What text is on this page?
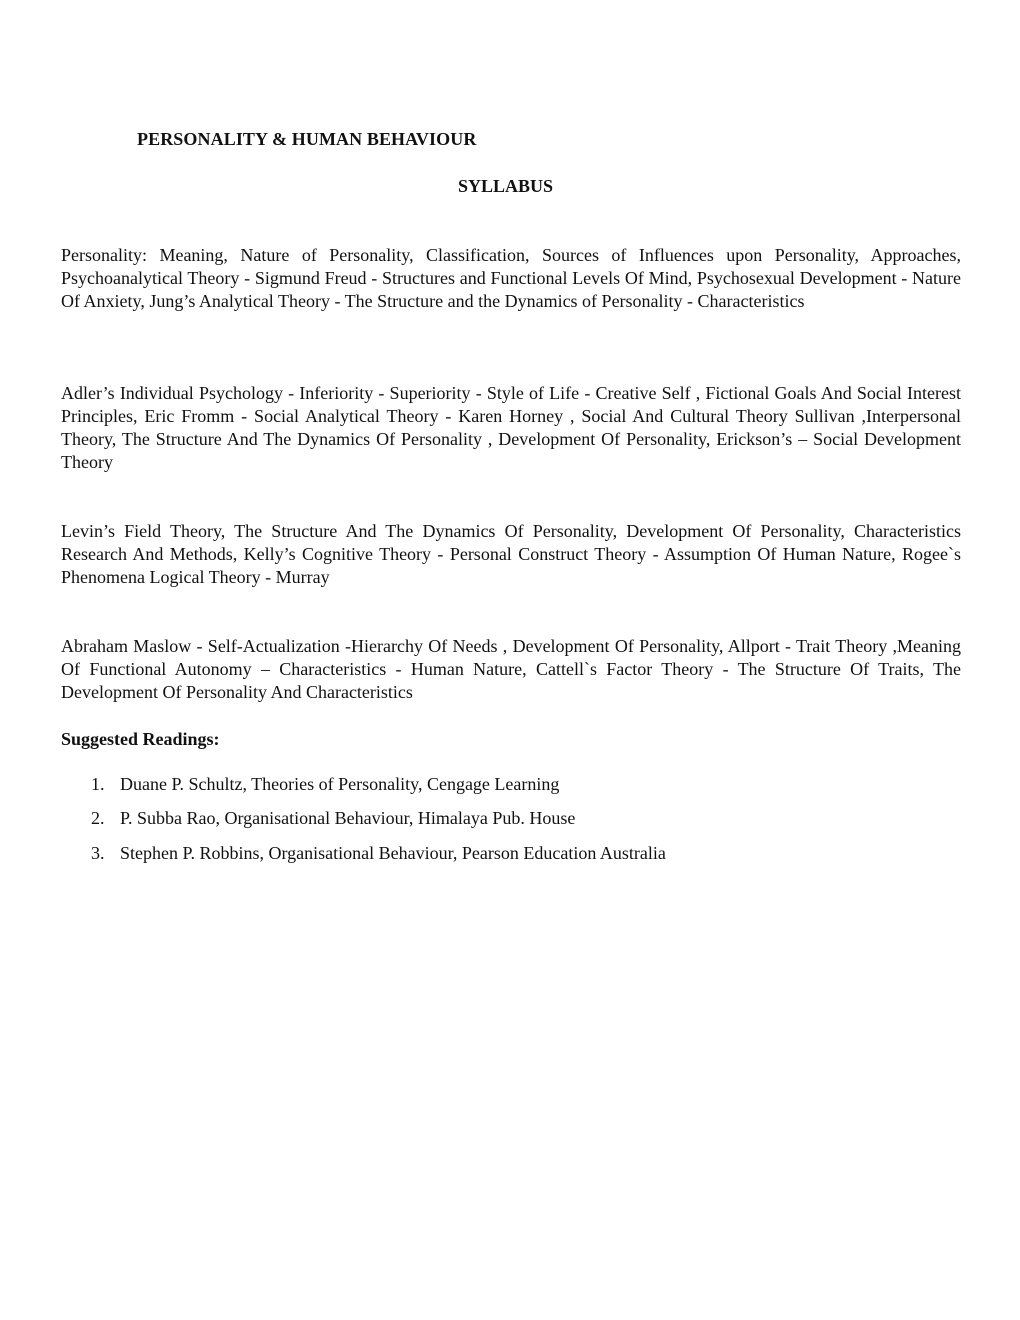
PERSONALITY & HUMAN BEHAVIOUR
SYLLABUS

Personality: Meaning, Nature of Personality, Classification, Sources of Influences upon Personality, Approaches, Psychoanalytical Theory - Sigmund Freud - Structures and Functional Levels Of Mind, Psychosexual Development - Nature Of Anxiety, Jung’s Analytical Theory - The Structure and the Dynamics of Personality - Characteristics

Adler’s Individual Psychology - Inferiority - Superiority - Style of Life - Creative Self , Fictional Goals And Social Interest Principles, Eric Fromm - Social Analytical Theory - Karen Horney , Social And Cultural Theory Sullivan ,Interpersonal Theory, The Structure And The Dynamics Of Personality , Development Of Personality, Erickson’s – Social Development Theory

Levin’s Field Theory, The Structure And The Dynamics Of Personality, Development Of Personality, Characteristics Research And Methods, Kelly’s Cognitive Theory - Personal Construct Theory - Assumption Of Human Nature, Rogee`s Phenomena Logical Theory - Murray

Abraham Maslow - Self-Actualization -Hierarchy Of Needs , Development Of Personality, Allport - Trait Theory ,Meaning Of Functional Autonomy – Characteristics - Human Nature, Cattell`s Factor Theory - The Structure Of Traits, The Development Of Personality And Characteristics

Suggested Readings:
1. Duane P. Schultz, Theories of Personality, Cengage Learning
2. P. Subba Rao, Organisational Behaviour, Himalaya Pub. House
3. Stephen P. Robbins, Organisational Behaviour, Pearson Education Australia
